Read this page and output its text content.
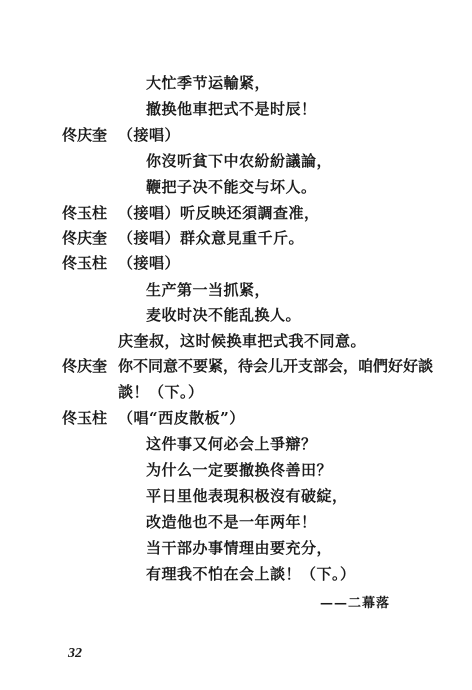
大忙季节运輸紧，
撤换他車把式不是时辰！
佟庆奎 （接唱）
你沒听貧下中农紛紛議論，
鞭把子决不能交与坏人。
佟玉柱 （接唱）听反映还須調查准，
佟庆奎 （接唱）群众意見重千斤。
佟玉柱 （接唱）
生产第一当抓紧，
麦收时决不能乱换人。
庆奎叔，这时候换車把式我不同意。
佟庆奎 你不同意不要紧，待会儿开支部会，咱們好好談
談！（下。）
佟玉柱 （唱“西皮散板”）
这件事又何必会上爭辯？
为什么一定要撤换佟善田？
平日里他表現积极沒有破綻，
改造他也不是一年两年！
当干部办事情理由要充分，
有理我不怕在会上談！（下。）
——二幕落
32
